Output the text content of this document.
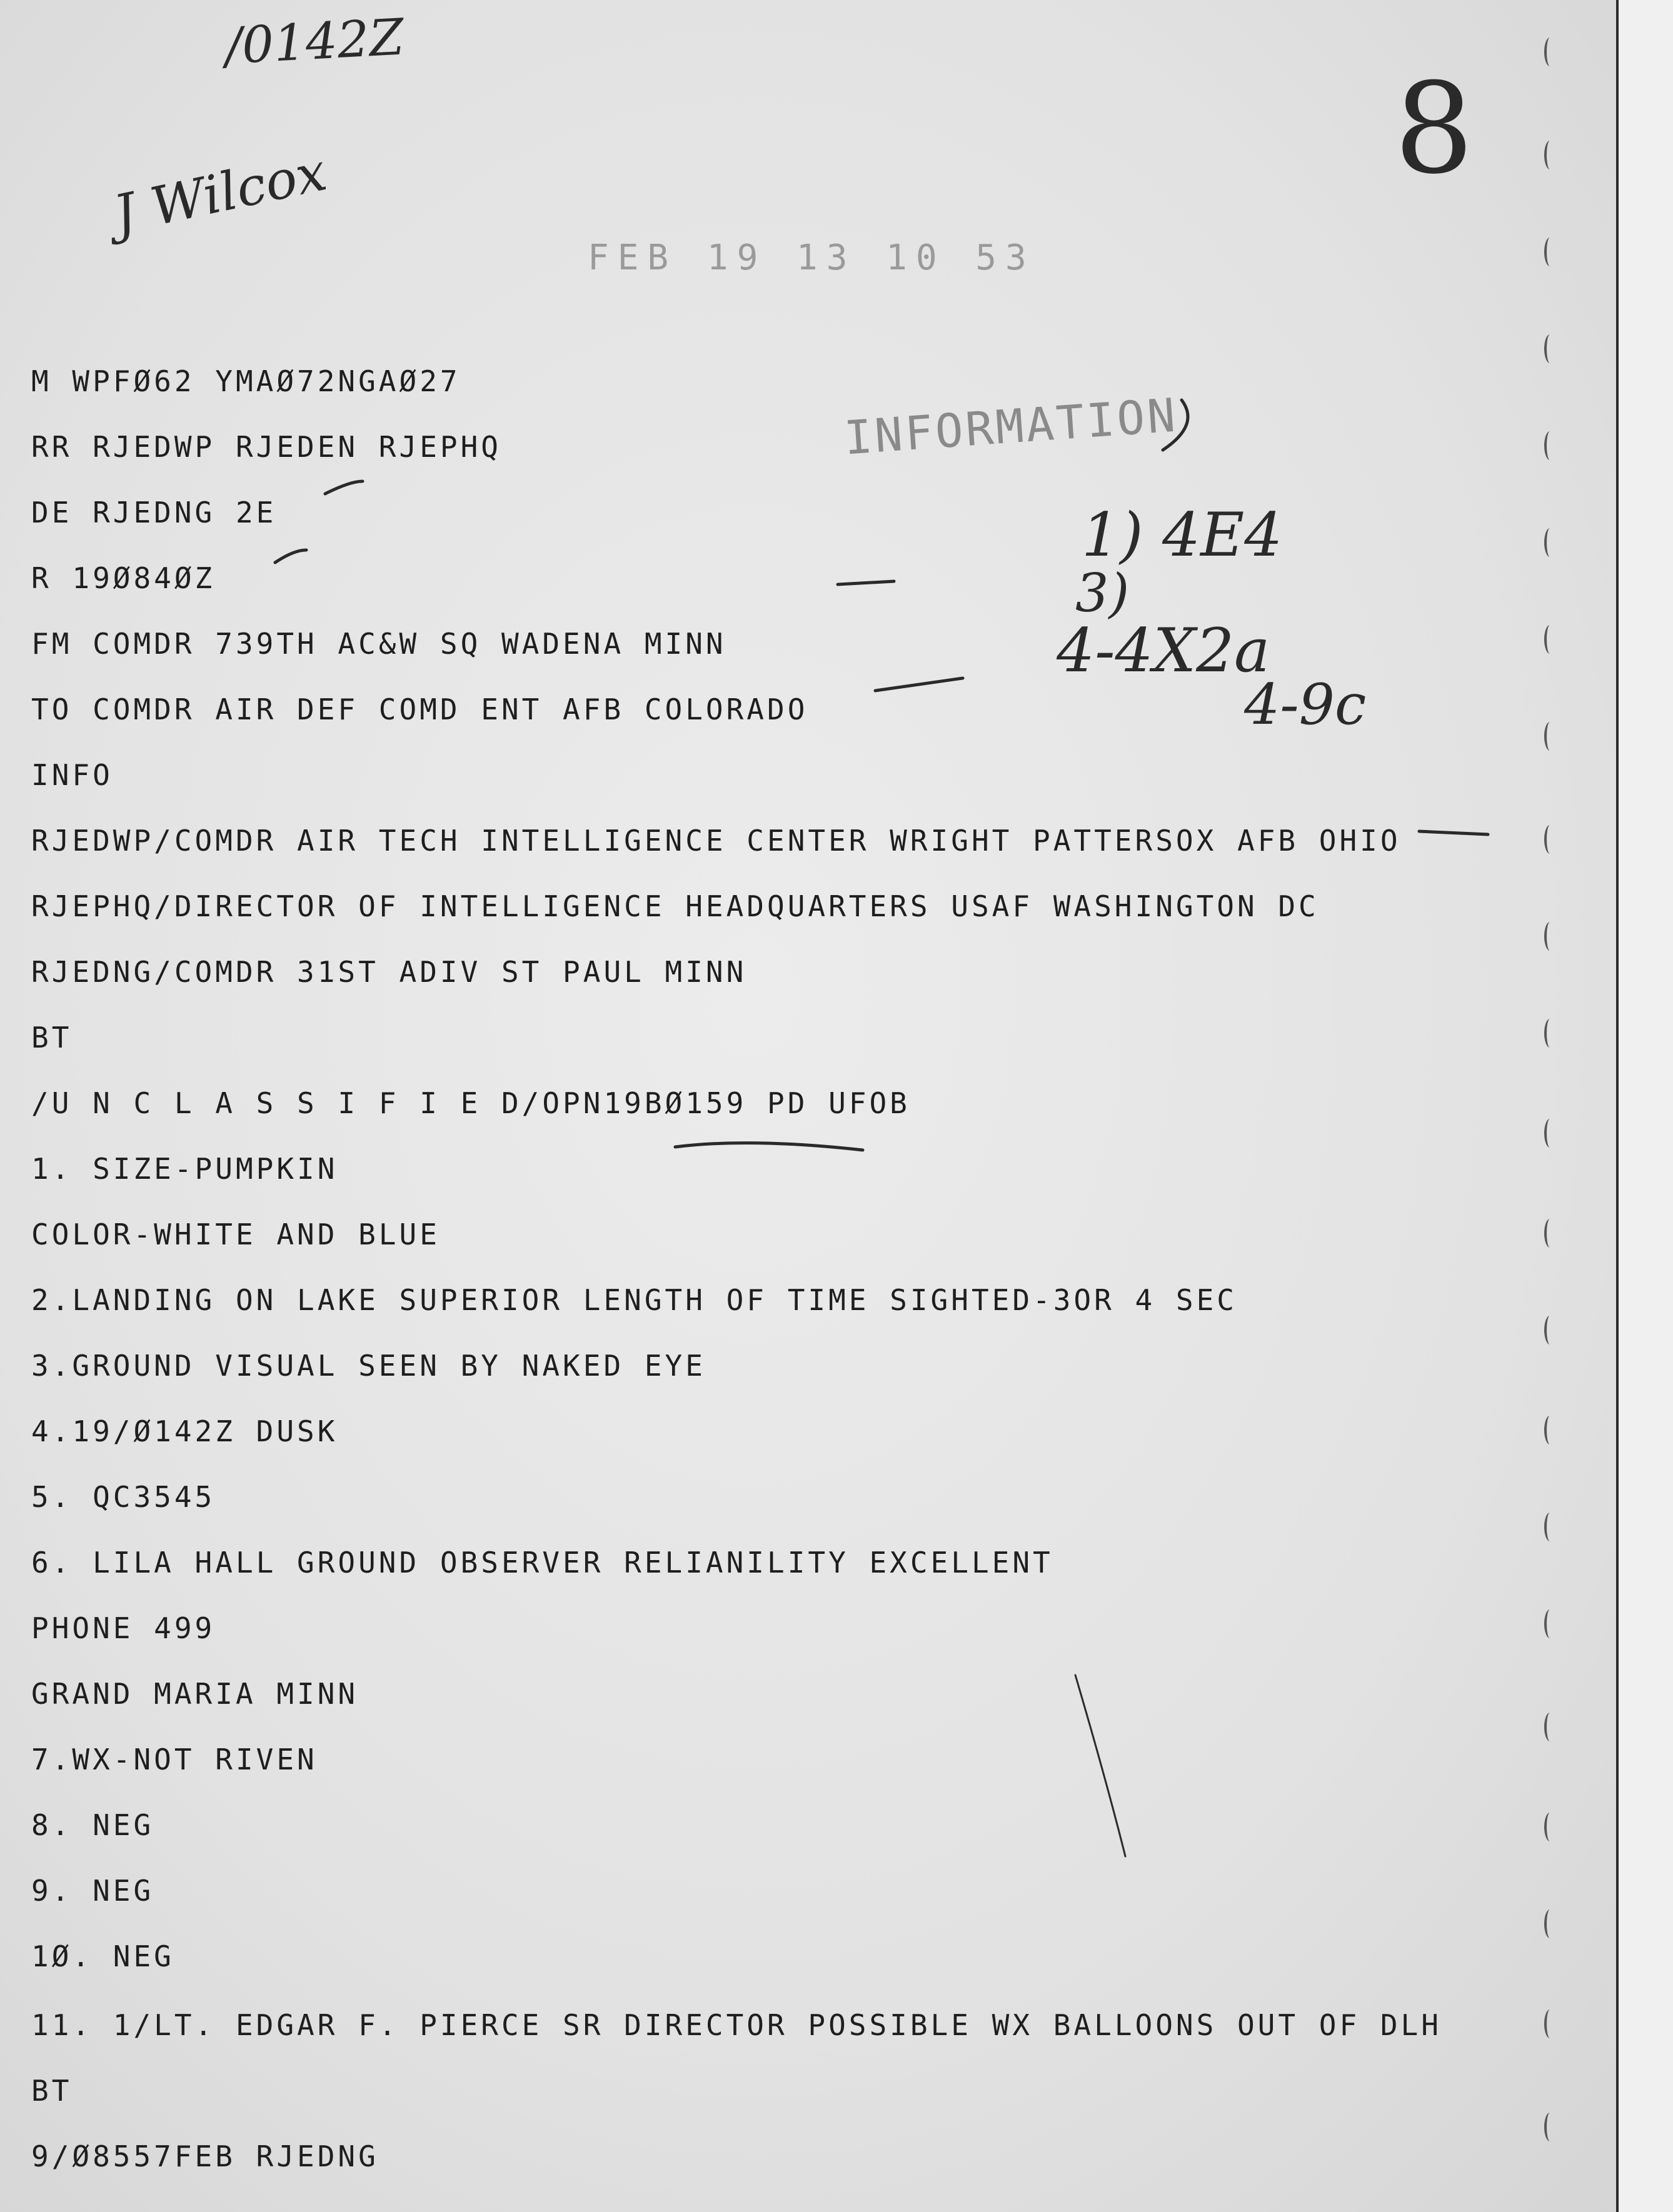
/0142Z
J Wilcox	8
FEB 19 13 10 53
INFORMATION
1) 4E4
3)
4-4X2a
4-9c
M WPFØ62 YMAØ72NGAØ27
RR RJEDWP RJEDEN RJEPHQ
DE RJEDNG 2E
R 19Ø84ØZ
FM COMDR 739TH AC&W SQ WADENA MINN
TO COMDR AIR DEF COMD ENT AFB COLORADO
INFO
RJEDWP/COMDR AIR TECH INTELLIGENCE CENTER WRIGHT PATTERSOX AFB OHIO
RJEPHQ/DIRECTOR OF INTELLIGENCE HEADQUARTERS USAF WASHINGTON DC
RJEDNG/COMDR 31ST ADIV ST PAUL MINN
BT
/U N C L A S S I F I E D/OPN19BØ159 PD UFOB
1. SIZE-PUMPKIN
COLOR-WHITE AND BLUE
2.LANDING ON LAKE SUPERIOR LENGTH OF TIME SIGHTED-3OR 4 SEC
3.GROUND VISUAL SEEN BY NAKED EYE
4.19/Ø142Z DUSK
5. QC3545
6. LILA HALL GROUND OBSERVER RELIANILITY EXCELLENT
PHONE 499
GRAND MARIA MINN
7.WX-NOT RIVEN
8. NEG
9. NEG
1Ø. NEG
11. 1/LT. EDGAR F. PIERCE SR DIRECTOR POSSIBLE WX BALLOONS OUT OF DLH
BT
9/Ø8557FEB RJEDNG
